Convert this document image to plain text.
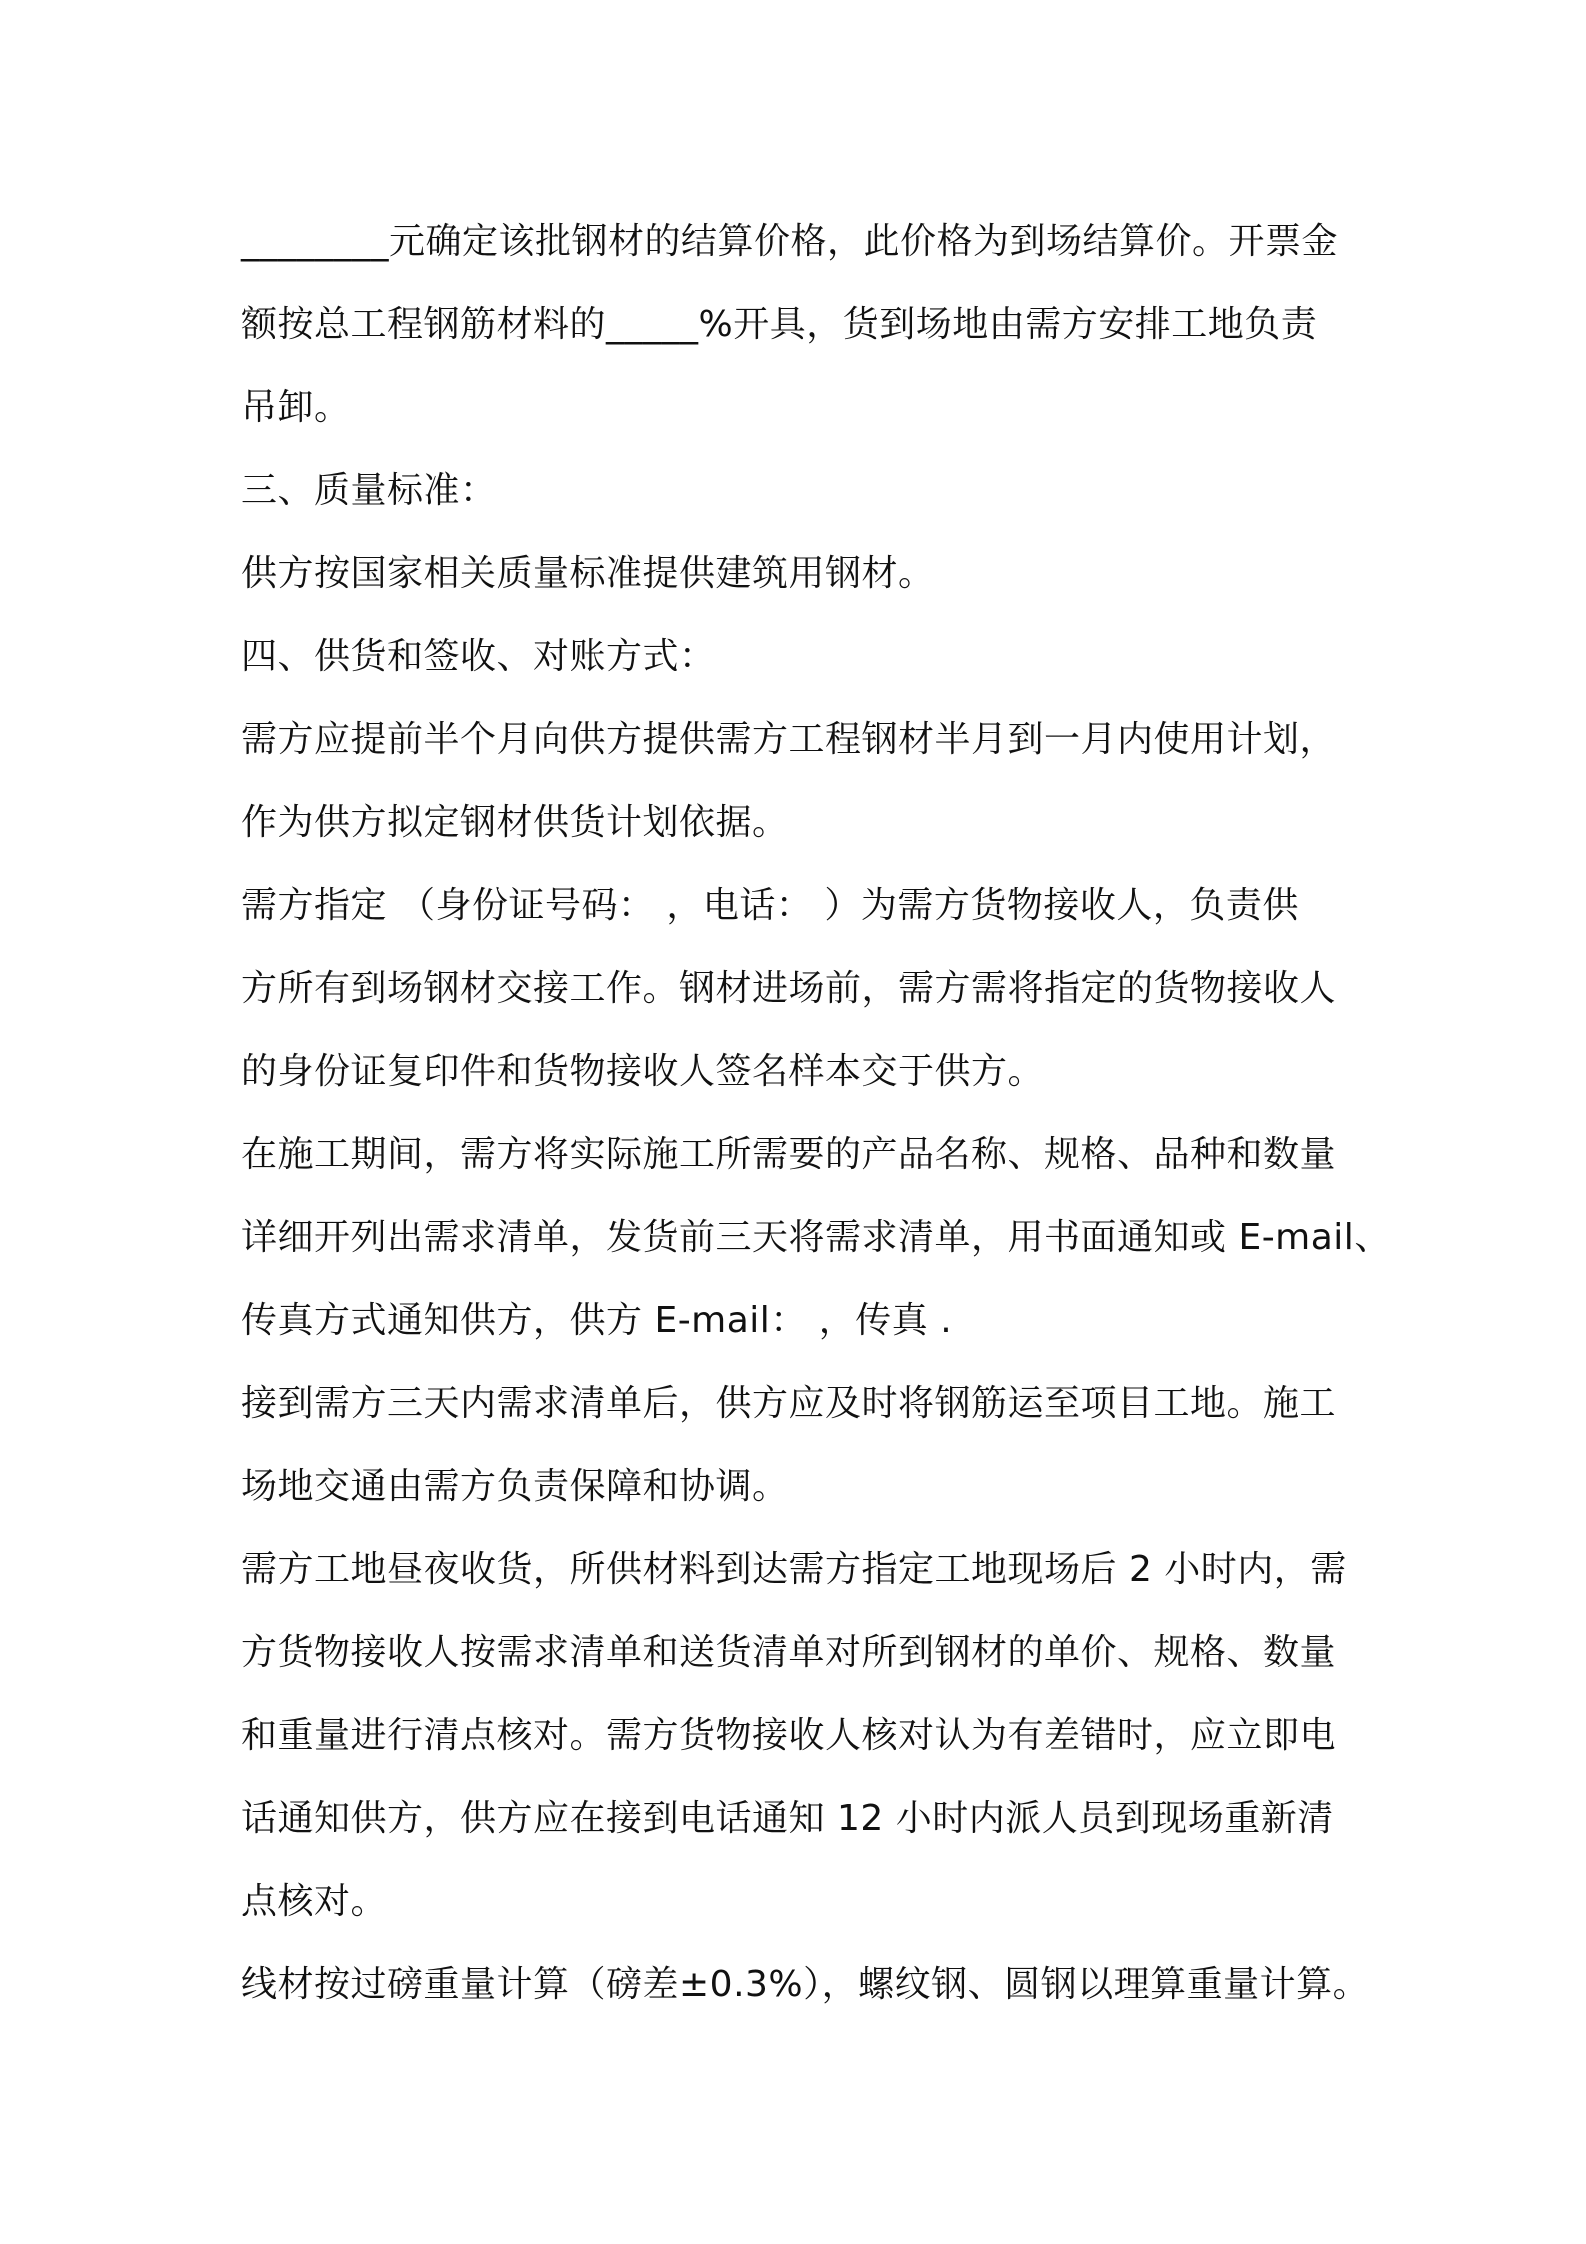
________元确定该批钢材的结算价格，此价格为到场结算价。开票金
额按总工程钢筋材料的_____%开具，货到场地由需方安排工地负责
吊卸。
三、质量标准：
供方按国家相关质量标准提供建筑用钢材。
四、供货和签收、对账方式：
需方应提前半个月向供方提供需方工程钢材半月到一月内使用计划，
作为供方拟定钢材供货计划依据。
需方指定 （身份证号码： ，电话： ）为需方货物接收人，负责供
方所有到场钢材交接工作。钢材进场前，需方需将指定的货物接收人
的身份证复印件和货物接收人签名样本交于供方。
在施工期间，需方将实际施工所需要的产品名称、规格、品种和数量
详细开列出需求清单，发货前三天将需求清单，用书面通知或 E-mail、
传真方式通知供方，供方 E-mail： ，传真 .
接到需方三天内需求清单后，供方应及时将钢筋运至项目工地。施工
场地交通由需方负责保障和协调。
需方工地昼夜收货，所供材料到达需方指定工地现场后 2 小时内，需
方货物接收人按需求清单和送货清单对所到钢材的单价、规格、数量
和重量进行清点核对。需方货物接收人核对认为有差错时，应立即电
话通知供方，供方应在接到电话通知 12 小时内派人员到现场重新清
点核对。
线材按过磅重量计算（磅差±0.3%），螺纹钢、圆钢以理算重量计算。
